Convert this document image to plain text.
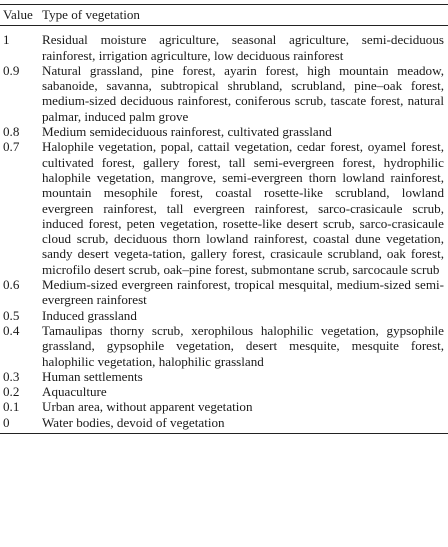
Value	Type of vegetation
1	Residual moisture agriculture, seasonal agriculture, semi-deciduous rainforest, irrigation agriculture, low deciduous rainforest
0.9	Natural grassland, pine forest, ayarin forest, high mountain meadow, sabanoide, savanna, subtropical shrubland, scrubland, pine–oak forest, medium-sized deciduous rainforest, coniferous scrub, tascate forest, natural palmar, induced palm grove
0.8	Medium semideciduous rainforest, cultivated grassland
0.7	Halophile vegetation, popal, cattail vegetation, cedar forest, oyamel forest, cultivated forest, gallery forest, tall semi-evergreen forest, hydrophilic halophile vegetation, mangrove, semi-evergreen thorn lowland rainforest, mountain mesophile forest, coastal rosette-like scrubland, lowland evergreen rainforest, tall evergreen rainforest, sarco-crasicaule scrub, induced forest, peten vegetation, rosette-like desert scrub, sarco-crasicaule cloud scrub, deciduous thorn lowland rainforest, coastal dune vegetation, sandy desert vegeta-tation, gallery forest, crasicaule scrubland, oak forest, microfilo desert scrub, oak–pine forest, submontane scrub, sarcocaule scrub
0.6	Medium-sized evergreen rainforest, tropical mesquital, medium-sized semi-evergreen rainforest
0.5	Induced grassland
0.4	Tamaulipas thorny scrub, xerophilous halophilic vegetation, gypsophile grassland, gypsophile vegetation, desert mesquite, mesquite forest, halophilic vegetation, halophilic grassland
0.3	Human settlements
0.2	Aquaculture
0.1	Urban area, without apparent vegetation
0	Water bodies, devoid of vegetation
